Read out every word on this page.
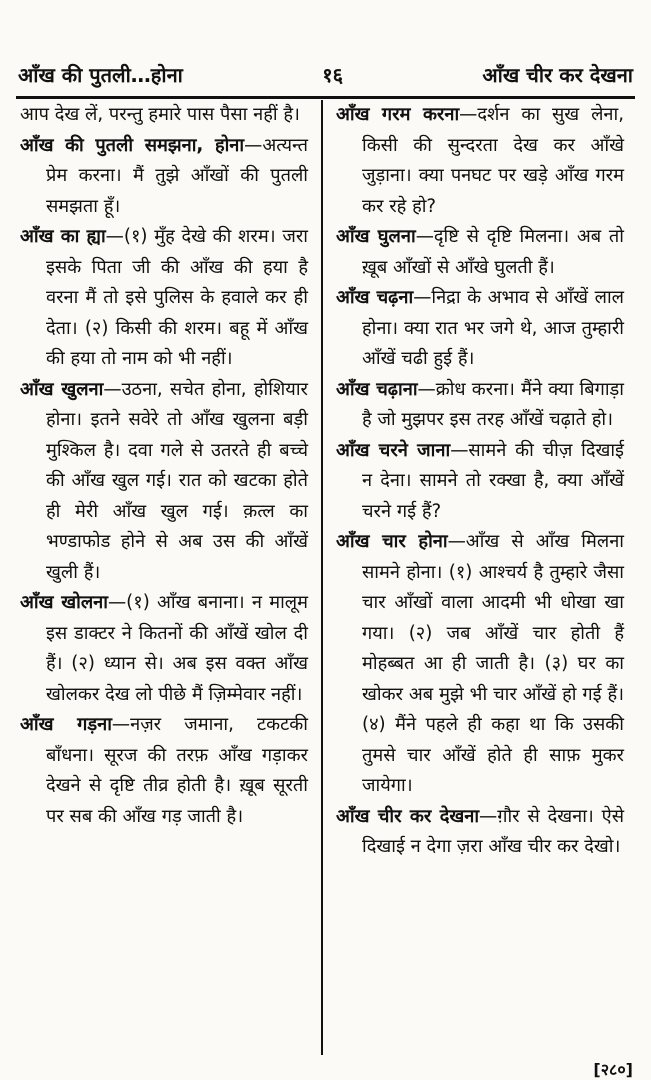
आँख की पुतली…होना	१६	आँख चीर कर देखना

आप देख लें, परन्तु हमारे पास पैसा नहीं है।

आँख की पुतली समझना, होना—अत्यन्त प्रेम करना। मैं तुझे आँखों की पुतली समझता हूँ।

आँख का ह्या—(१) मुँह देखे की शरम। जरा इसके पिता जी की आँख की हया है वरना मैं तो इसे पुलिस के हवाले कर ही देता। (२) किसी की शरम। बहू में आँख की हया तो नाम को भी नहीं।

आँख खुलना—उठना, सचेत होना, होशियार होना। इतने सवेरे तो आँख खुलना बड़ी मुश्किल है। दवा गले से उतरते ही बच्चे की आँख खुल गई। रात को खटका होते ही मेरी आँख खुल गई। क़त्ल का भण्डाफोड होने से अब उस की आँखें खुली हैं।

आँख खोलना—(१) आँख बनाना। न मालूम इस डाक्टर ने कितनों की आँखें खोल दी हैं। (२) ध्यान से। अब इस वक्त आँख खोलकर देख लो पीछे मैं ज़िम्मेवार नहीं।

आँख गड़ना—नज़र जमाना, टकटकी बाँधना। सूरज की तरफ़ आँख गड़ाकर देखने से दृष्टि तीव्र होती है। ख़ूब सूरती पर सब की आँख गड़ जाती है।

आँख गरम करना—दर्शन का सुख लेना, किसी की सुन्दरता देख कर आँखे जुड़ाना। क्या पनघट पर खड़े आँख गरम कर रहे हो?

आँख घुलना—दृष्टि से दृष्टि मिलना। अब तो ख़ूब आँखों से आँखे घुलती हैं।

आँख चढ़ना—निद्रा के अभाव से आँखें लाल होना। क्या रात भर जगे थे, आज तुम्हारी आँखें चढी हुई हैं।

आँख चढ़ाना—क्रोध करना। मैंने क्या बिगाड़ा है जो मुझपर इस तरह आँखें चढ़ाते हो।

आँख चरने जाना—सामने की चीज़ दिखाई न देना। सामने तो रक्खा है, क्या आँखें चरने गई हैं?

आँख चार होना—आँख से आँख मिलना सामने होना। (१) आश्चर्य है तुम्हारे जैसा चार आँखों वाला आदमी भी धोखा खा गया। (२) जब आँखें चार होती हैं मोहब्बत आ ही जाती है। (३) घर का खोकर अब मुझे भी चार आँखें हो गई हैं। (४) मैंने पहले ही कहा था कि उसकी तुमसे चार आँखें होते ही साफ़ मुकर जायेगा।

आँख चीर कर देखना—ग़ौर से देखना। ऐसे दिखाई न देगा ज़रा आँख चीर कर देखो।

[२८०]
